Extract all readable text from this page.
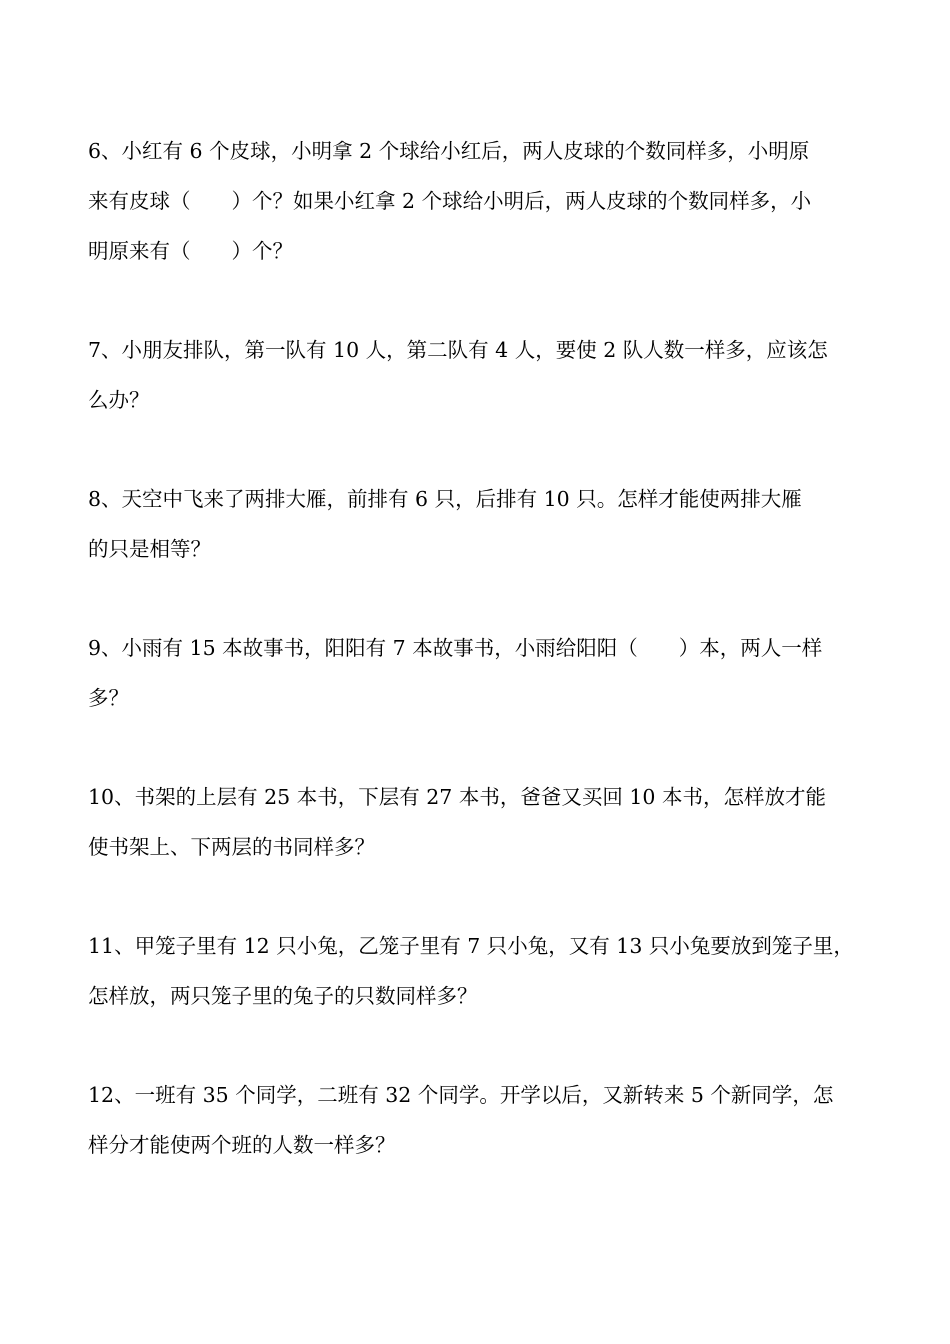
6、小红有 6 个皮球，小明拿 2 个球给小红后，两人皮球的个数同样多，小明原
来有皮球（　　）个？如果小红拿 2 个球给小明后，两人皮球的个数同样多，小
明原来有（　　）个？
7、小朋友排队，第一队有 10 人，第二队有 4 人，要使 2 队人数一样多，应该怎
么办？
8、天空中飞来了两排大雁，前排有 6 只，后排有 10 只。怎样才能使两排大雁
的只是相等？
9、小雨有 15 本故事书，阳阳有 7 本故事书，小雨给阳阳（　　）本，两人一样
多？
10、书架的上层有 25 本书，下层有 27 本书，爸爸又买回 10 本书，怎样放才能
使书架上、下两层的书同样多？
11、甲笼子里有 12 只小兔，乙笼子里有 7 只小兔，又有 13 只小兔要放到笼子里，
怎样放，两只笼子里的兔子的只数同样多？
12、一班有 35 个同学，二班有 32 个同学。开学以后，又新转来 5 个新同学，怎
样分才能使两个班的人数一样多？
